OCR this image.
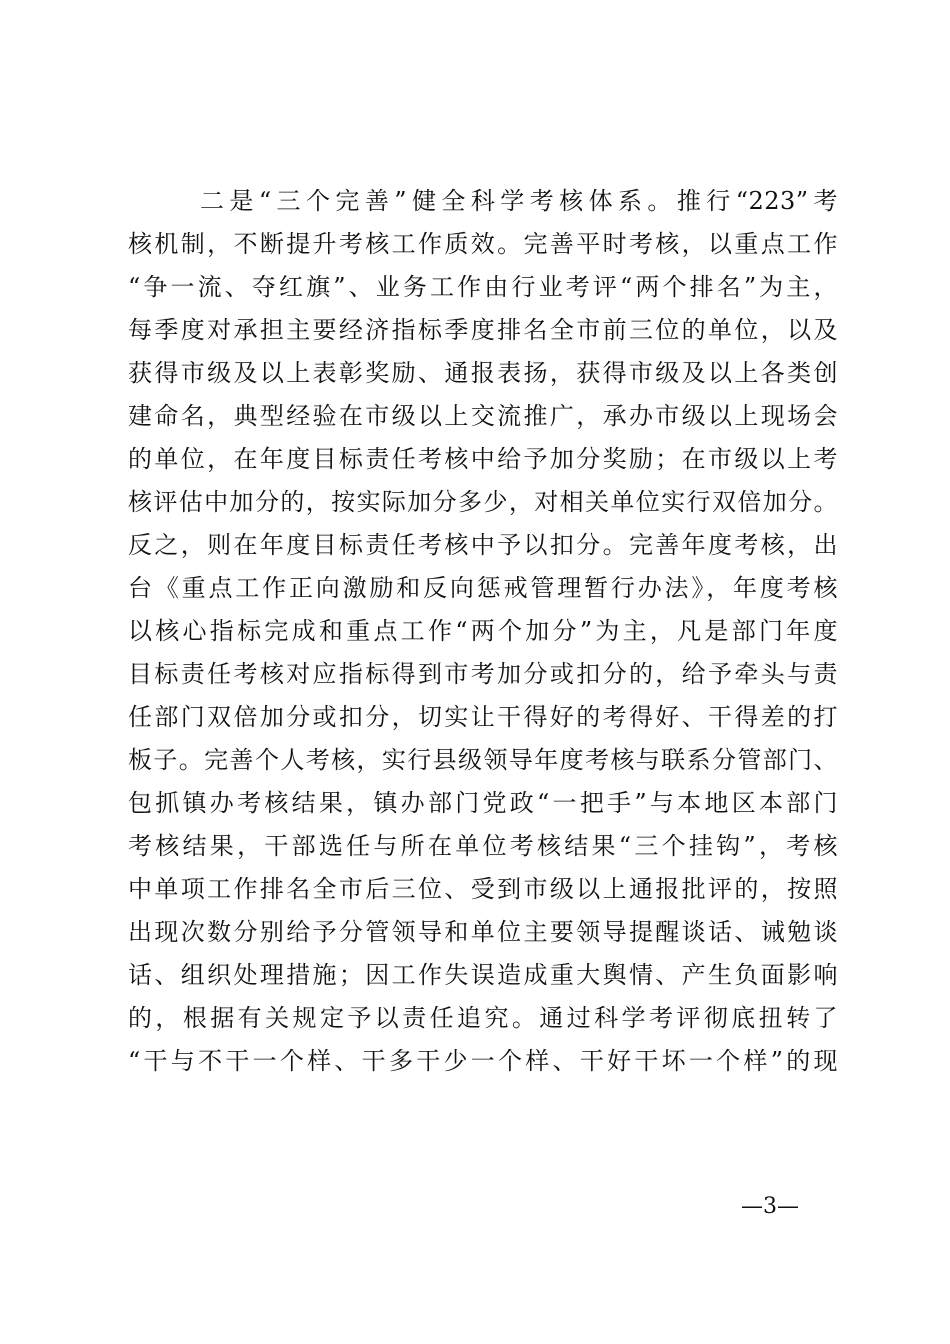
二是“三个完善”健全科学考核体系。推行“223”考
核机制，不断提升考核工作质效。完善平时考核，以重点工作
“争一流、夺红旗”、业务工作由行业考评“两个排名”为主，
每季度对承担主要经济指标季度排名全市前三位的单位，以及
获得市级及以上表彰奖励、通报表扬，获得市级及以上各类创
建命名，典型经验在市级以上交流推广，承办市级以上现场会
的单位，在年度目标责任考核中给予加分奖励；在市级以上考
核评估中加分的，按实际加分多少，对相关单位实行双倍加分。
反之，则在年度目标责任考核中予以扣分。完善年度考核，出
台《重点工作正向激励和反向惩戒管理暂行办法》，年度考核
以核心指标完成和重点工作“两个加分”为主，凡是部门年度
目标责任考核对应指标得到市考加分或扣分的，给予牵头与责
任部门双倍加分或扣分，切实让干得好的考得好、干得差的打
板子。完善个人考核，实行县级领导年度考核与联系分管部门、
包抓镇办考核结果，镇办部门党政“一把手”与本地区本部门
考核结果，干部选任与所在单位考核结果“三个挂钩”，考核
中单项工作排名全市后三位、受到市级以上通报批评的，按照
出现次数分别给予分管领导和单位主要领导提醒谈话、诫勉谈
话、组织处理措施；因工作失误造成重大舆情、产生负面影响
的，根据有关规定予以责任追究。通过科学考评彻底扭转了
“干与不干一个样、干多干少一个样、干好干坏一个样”的现
—3—
